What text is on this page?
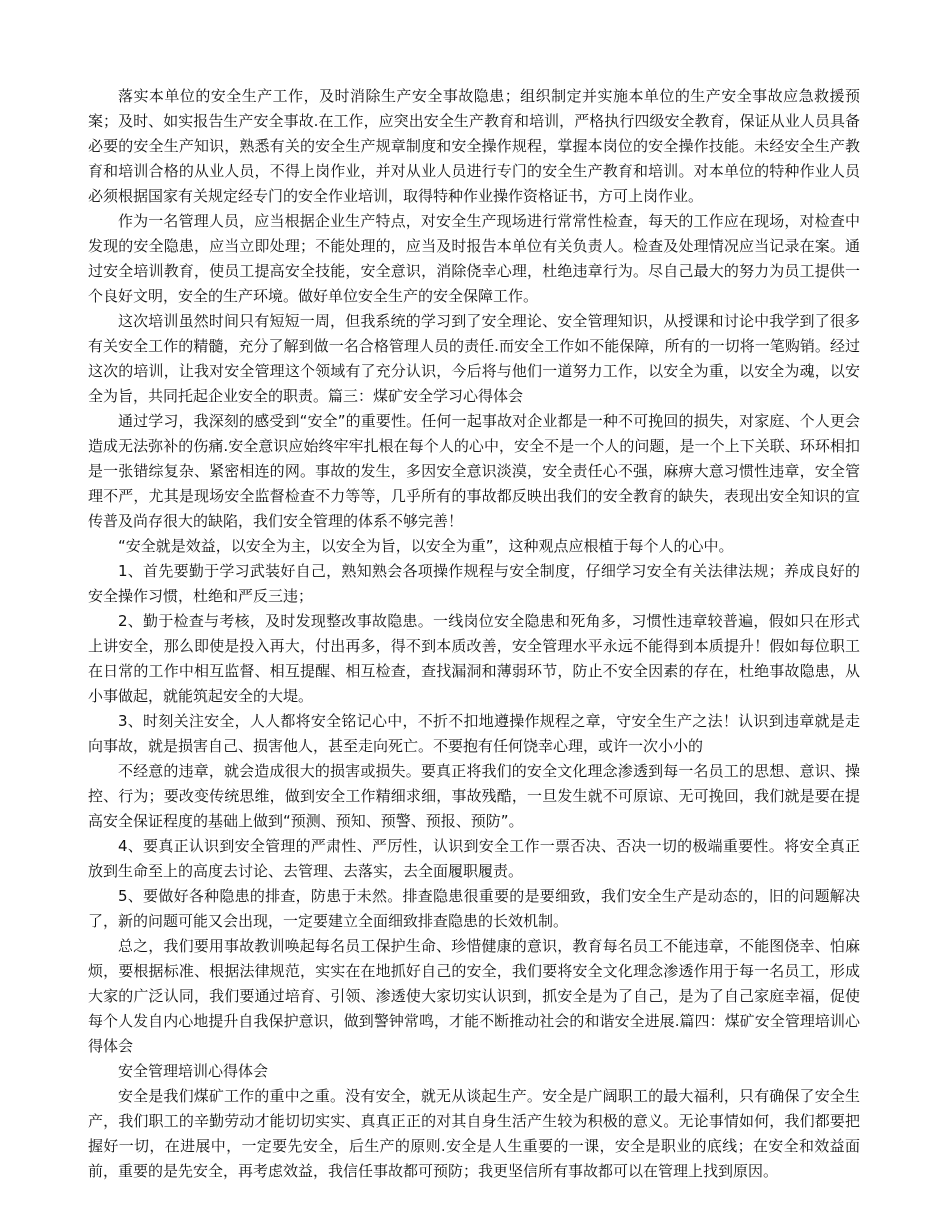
落实本单位的安全生产工作，及时消除生产安全事故隐患；组织制定并实施本单位的生产安全事故应急救援预案；及时、如实报告生产安全事故.在工作，应突出安全生产教育和培训，严格执行四级安全教育，保证从业人员具备必要的安全生产知识，熟悉有关的安全生产规章制度和安全操作规程，掌握本岗位的安全操作技能。未经安全生产教育和培训合格的从业人员，不得上岗作业，并对从业人员进行专门的安全生产教育和培训。对本单位的特种作业人员必须根据国家有关规定经专门的安全作业培训，取得特种作业操作资格证书，方可上岗作业。

作为一名管理人员，应当根据企业生产特点，对安全生产现场进行常常性检查，每天的工作应在现场，对检查中发现的安全隐患，应当立即处理；不能处理的，应当及时报告本单位有关负责人。检查及处理情况应当记录在案。通过安全培训教育，使员工提高安全技能，安全意识，消除侥幸心理，杜绝违章行为。尽自己最大的努力为员工提供一个良好文明，安全的生产环境。做好单位安全生产的安全保障工作。

这次培训虽然时间只有短短一周，但我系统的学习到了安全理论、安全管理知识，从授课和讨论中我学到了很多有关安全工作的精髓，充分了解到做一名合格管理人员的责任.而安全工作如不能保障，所有的一切将一笔购销。经过这次的培训，让我对安全管理这个领域有了充分认识，今后将与他们一道努力工作，以安全为重，以安全为魂，以安全为旨，共同托起企业安全的职责。篇三：煤矿安全学习心得体会

通过学习，我深刻的感受到“安全”的重要性。任何一起事故对企业都是一种不可挽回的损失，对家庭、个人更会造成无法弥补的伤痛.安全意识应始终牢牢扎根在每个人的心中，安全不是一个人的问题，是一个上下关联、环环相扣是一张错综复杂、紧密相连的网。事故的发生，多因安全意识淡漠，安全责任心不强，麻痹大意习惯性违章，安全管理不严，尤其是现场安全监督检查不力等等，几乎所有的事故都反映出我们的安全教育的缺失，表现出安全知识的宣传普及尚存很大的缺陷，我们安全管理的体系不够完善！

“安全就是效益，以安全为主，以安全为旨，以安全为重”，这种观点应根植于每个人的心中。

1、首先要勤于学习武装好自己，熟知熟会各项操作规程与安全制度，仔细学习安全有关法律法规；养成良好的安全操作习惯，杜绝和严反三违；

2、勤于检查与考核，及时发现整改事故隐患。一线岗位安全隐患和死角多，习惯性违章较普遍，假如只在形式上讲安全，那么即使是投入再大，付出再多，得不到本质改善，安全管理水平永远不能得到本质提升！假如每位职工在日常的工作中相互监督、相互提醒、相互检查，查找漏洞和薄弱环节，防止不安全因素的存在，杜绝事故隐患，从小事做起，就能筑起安全的大堤。

3、时刻关注安全，人人都将安全铭记心中，不折不扣地遵操作规程之章，守安全生产之法！认识到违章就是走向事故，就是损害自己、损害他人，甚至走向死亡。不要抱有任何饶幸心理，或许一次小小的

不经意的违章，就会造成很大的损害或损失。要真正将我们的安全文化理念渗透到每一名员工的思想、意识、操控、行为；要改变传统思维，做到安全工作精细求细，事故残酷，一旦发生就不可原谅、无可挽回，我们就是要在提高安全保证程度的基础上做到“预测、预知、预警、预报、预防”。

4、要真正认识到安全管理的严肃性、严厉性，认识到安全工作一票否决、否决一切的极端重要性。将安全真正放到生命至上的高度去讨论、去管理、去落实，去全面履职履责。

5、要做好各种隐患的排查，防患于未然。排查隐患很重要的是要细致，我们安全生产是动态的，旧的问题解决了，新的问题可能又会出现，一定要建立全面细致排查隐患的长效机制。

总之，我们要用事故教训唤起每名员工保护生命、珍惜健康的意识，教育每名员工不能违章，不能图侥幸、怕麻烦，要根据标准、根据法律规范，实实在在地抓好自己的安全，我们要将安全文化理念渗透作用于每一名员工，形成大家的广泛认同，我们要通过培育、引领、渗透使大家切实认识到，抓安全是为了自己，是为了自己家庭幸福，促使每个人发自内心地提升自我保护意识，做到警钟常鸣，才能不断推动社会的和谐安全进展.篇四：煤矿安全管理培训心得体会

安全管理培训心得体会

安全是我们煤矿工作的重中之重。没有安全，就无从谈起生产。安全是广阔职工的最大福利，只有确保了安全生产，我们职工的辛勤劳动才能切切实实、真真正正的对其自身生活产生较为积极的意义。无论事情如何，我们都要把握好一切，在进展中，一定要先安全，后生产的原则.安全是人生重要的一课，安全是职业的底线；在安全和效益面前，重要的是先安全，再考虑效益，我信任事故都可预防；我更坚信所有事故都可以在管理上找到原因。
